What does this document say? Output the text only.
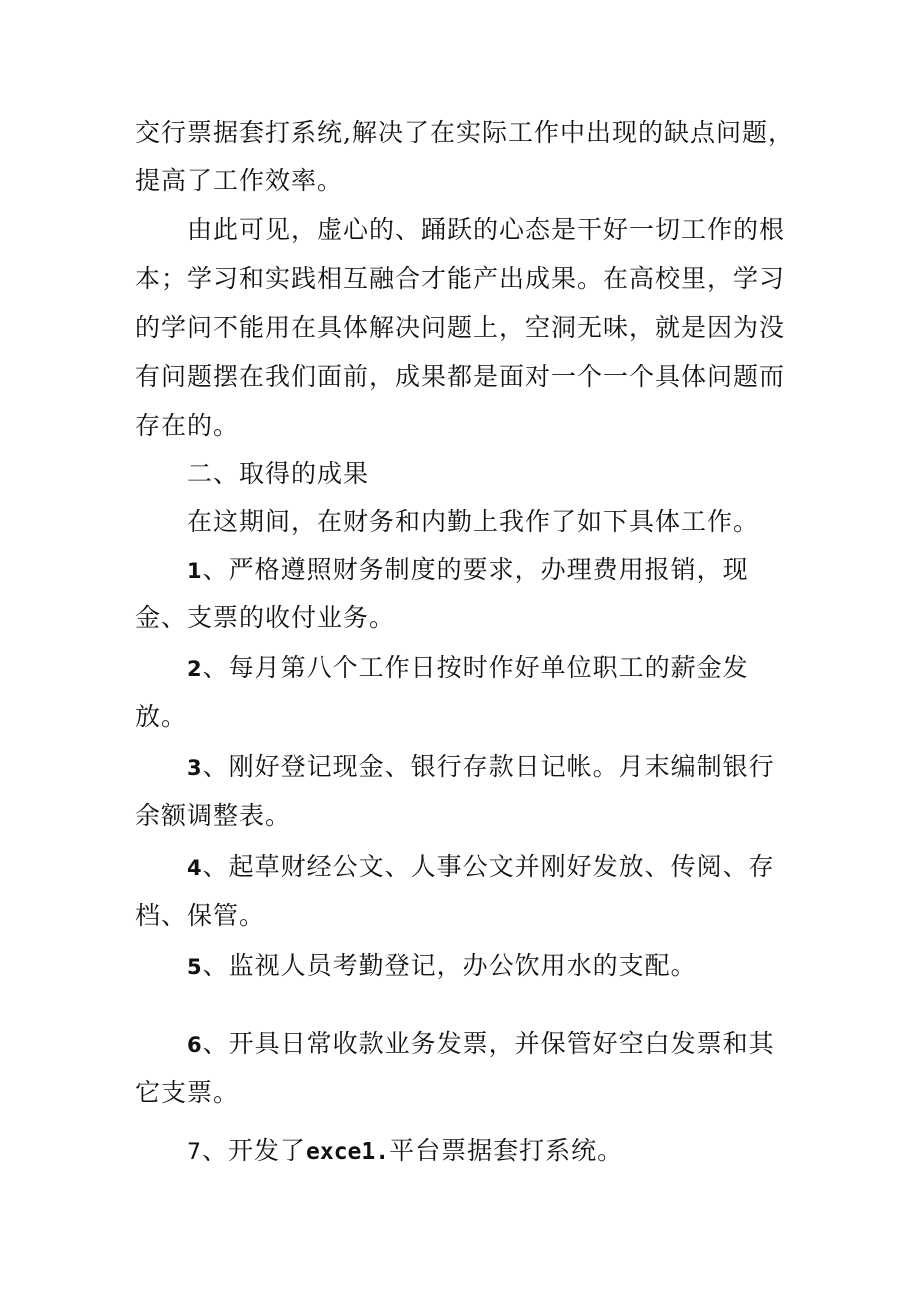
交行票据套打系统,解决了在实际工作中出现的缺点问题，
提高了工作效率。
由此可见，虚心的、踊跃的心态是干好一切工作的根
本；学习和实践相互融合才能产出成果。在高校里，学习
的学问不能用在具体解决问题上，空洞无味，就是因为没
有问题摆在我们面前，成果都是面对一个一个具体问题而
存在的。
二、取得的成果
在这期间，在财务和内勤上我作了如下具体工作。
1、严格遵照财务制度的要求，办理费用报销，现
金、支票的收付业务。
2、每月第八个工作日按时作好单位职工的薪金发
放。
3、刚好登记现金、银行存款日记帐。月末编制银行
余额调整表。
4、起草财经公文、人事公文并刚好发放、传阅、存
档、保管。
5、监视人员考勤登记，办公饮用水的支配。
6、开具日常收款业务发票，并保管好空白发票和其
它支票。
7、开发了exce1.平台票据套打系统。
